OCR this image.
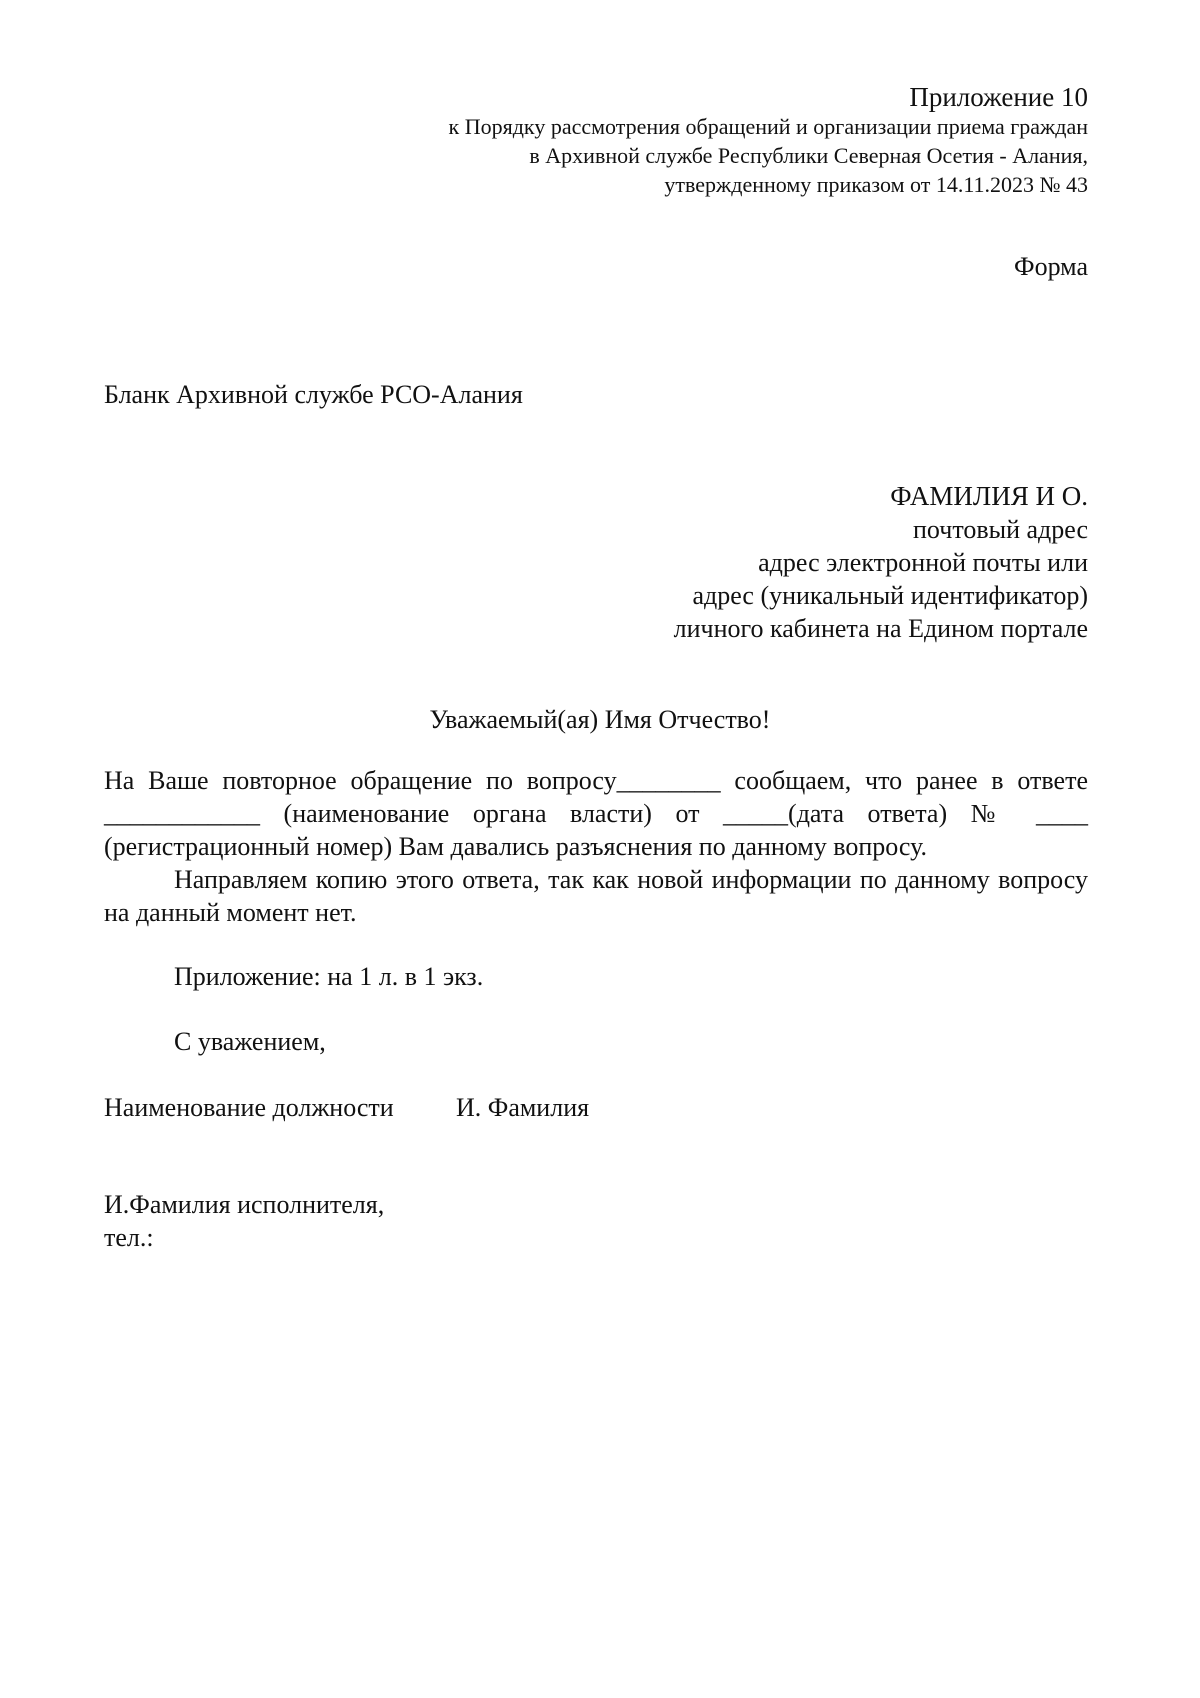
Приложение 10
к Порядку рассмотрения обращений и организации приема граждан
в Архивной службе Республики Северная Осетия - Алания,
утвержденному приказом от 14.11.2023 № 43
Форма
Бланк Архивной службе РСО-Алания
ФАМИЛИЯ И О.
почтовый адрес
адрес электронной почты или
адрес (уникальный идентификатор)
личного кабинета на Едином портале
Уважаемый(ая) Имя Отчество!

На Ваше повторное обращение по вопросу________ сообщаем, что ранее в ответе

____________ (наименование органа власти) от _____(дата ответа) № ____

(регистрационный номер) Вам давались разъяснения по данному вопросу.

Направляем копию этого ответа, так как новой информации по данному вопросу на данный момент нет.

Приложение: на 1 л. в 1 экз.
С уважением,
Наименование должности И. Фамилия
И.Фамилия исполнителя,
тел.:
